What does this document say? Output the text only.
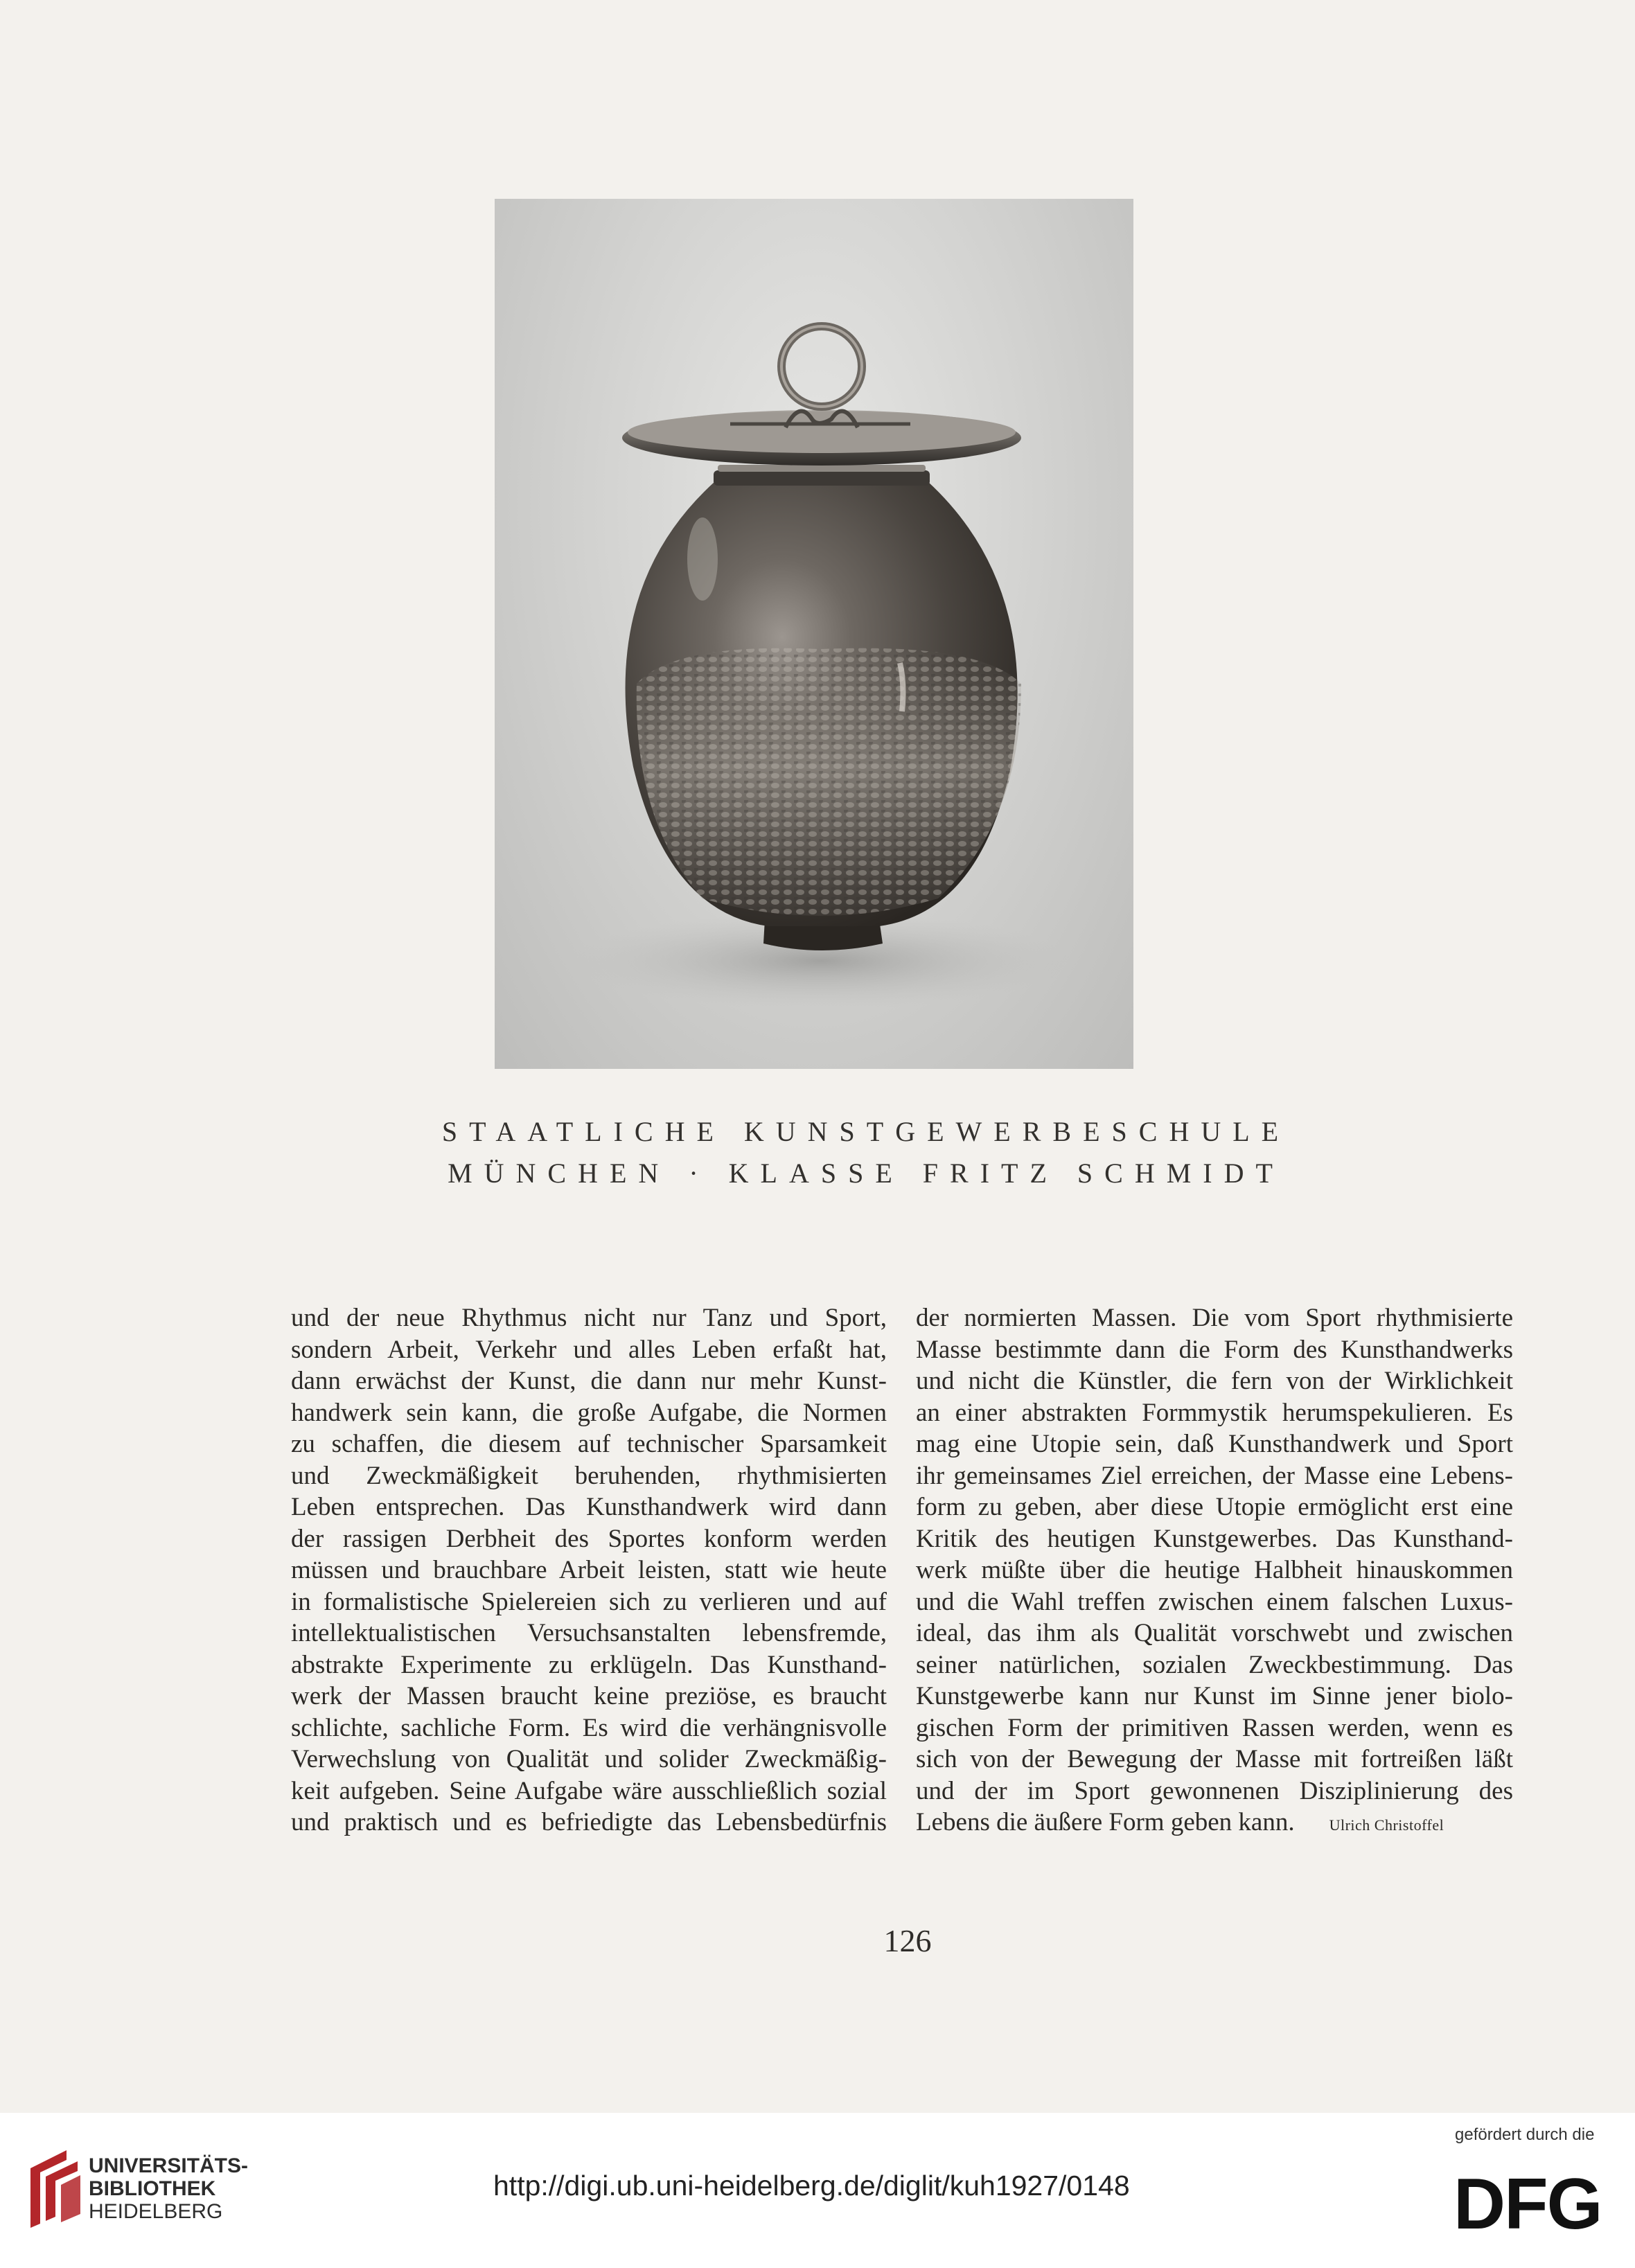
STAATLICHE KUNSTGEWERBESCHULE
MÜNCHEN · KLASSE FRITZ SCHMIDT
und der neue Rhythmus nicht nur Tanz und Sport,
sondern Arbeit, Verkehr und alles Leben erfaßt hat,
dann erwächst der Kunst, die dann nur mehr Kunst-
handwerk sein kann, die große Aufgabe, die Normen
zu schaffen, die diesem auf technischer Sparsamkeit
und Zweckmäßigkeit beruhenden, rhythmisierten
Leben entsprechen. Das Kunsthandwerk wird dann
der rassigen Derbheit des Sportes konform werden
müssen und brauchbare Arbeit leisten, statt wie heute
in formalistische Spielereien sich zu verlieren und auf
intellektualistischen Versuchsanstalten lebensfremde,
abstrakte Experimente zu erklügeln. Das Kunsthand-
werk der Massen braucht keine preziöse, es braucht
schlichte, sachliche Form. Es wird die verhängnisvolle
Verwechslung von Qualität und solider Zweckmäßig-
keit aufgeben. Seine Aufgabe wäre ausschließlich sozial
und praktisch und es befriedigte das Lebensbedürfnis
der normierten Massen. Die vom Sport rhythmisierte
Masse bestimmte dann die Form des Kunsthandwerks
und nicht die Künstler, die fern von der Wirklichkeit
an einer abstrakten Formmystik herumspekulieren. Es
mag eine Utopie sein, daß Kunsthandwerk und Sport
ihr gemeinsames Ziel erreichen, der Masse eine Lebens-
form zu geben, aber diese Utopie ermöglicht erst eine
Kritik des heutigen Kunstgewerbes. Das Kunsthand-
werk müßte über die heutige Halbheit hinauskommen
und die Wahl treffen zwischen einem falschen Luxus-
ideal, das ihm als Qualität vorschwebt und zwischen
seiner natürlichen, sozialen Zweckbestimmung. Das
Kunstgewerbe kann nur Kunst im Sinne jener biolo-
gischen Form der primitiven Rassen werden, wenn es
sich von der Bewegung der Masse mit fortreißen läßt
und der im Sport gewonnenen Disziplinierung des
Lebens die äußere Form geben kann. Ulrich Christoffel
126
UNIVERSITÄTS-
BIBLIOTHEK
HEIDELBERG
http://digi.ub.uni-heidelberg.de/diglit/kuh1927/0148
gefördert durch die
DFG
